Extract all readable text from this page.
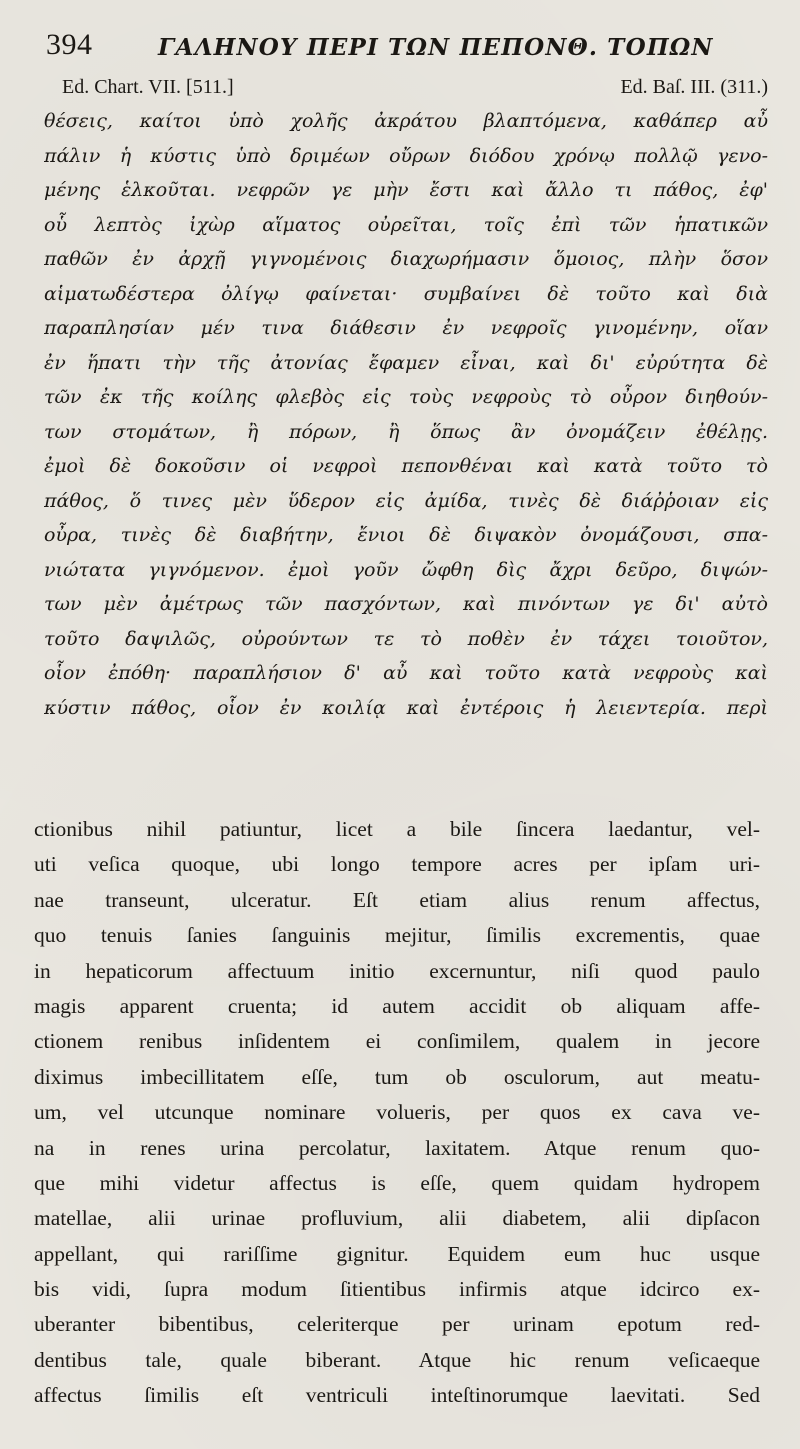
394	ΓΑΛΗΝΟΥ ΠΕΡΙ ΤΩΝ ΠΕΠΟΝΘ. ΤΟΠΩΝ
Ed. Chart. VII. [511.]	Ed. Baſ. III. (311.)
θέσεις, καίτοι ὑπὸ χολῆς ἀκράτου βλαπτόμενα, καθάπερ αὖ
πάλιν ἡ κύστις ὑπὸ δριμέων οὔρων διόδου χρόνῳ πολλῷ γενο-
μένης ἑλκοῦται. νεφρῶν γε μὴν ἔστι καὶ ἄλλο τι πάθος, ἐφ'
οὗ λεπτὸς ἰχὼρ αἵματος οὐρεῖται, τοῖς ἐπὶ τῶν ἡπατικῶν
παθῶν ἐν ἀρχῇ γιγνομένοις διαχωρήμασιν ὅμοιος, πλὴν ὅσον
αἱματωδέστερα ὀλίγῳ φαίνεται· συμβαίνει δὲ τοῦτο καὶ διὰ
παραπλησίαν μέν τινα διάθεσιν ἐν νεφροῖς γινομένην, οἵαν
ἐν ἥπατι τὴν τῆς ἀτονίας ἔφαμεν εἶναι, καὶ δι' εὐρύτητα δὲ
τῶν ἐκ τῆς κοίλης φλεβὸς εἰς τοὺς νεφροὺς τὸ οὖρον διηθούν-
των στομάτων, ἢ πόρων, ἢ ὅπως ἂν ὀνομάζειν ἐθέλῃς.
ἐμοὶ δὲ δοκοῦσιν οἱ νεφροὶ πεπονθέναι καὶ κατὰ τοῦτο τὸ
πάθος, ὅ τινες μὲν ὕδερον εἰς ἀμίδα, τινὲς δὲ διάῤῥοιαν εἰς
οὖρα, τινὲς δὲ διαβήτην, ἔνιοι δὲ διψακὸν ὀνομάζουσι, σπα-
νιώτατα γιγνόμενον. ἐμοὶ γοῦν ὤφθη δὶς ἄχρι δεῦρο, διψών-
των μὲν ἀμέτρως τῶν πασχόντων, καὶ πινόντων γε δι' αὐτὸ
τοῦτο δαψιλῶς, οὐρούντων τε τὸ ποθὲν ἐν τάχει τοιοῦτον,
οἷον ἐπόθη· παραπλήσιον δ' αὖ καὶ τοῦτο κατὰ νεφροὺς καὶ
κύστιν πάθος, οἷον ἐν κοιλίᾳ καὶ ἐντέροις ἡ λειεντερία. περὶ
ctionibus nihil patiuntur, licet a bile ſincera laedantur, vel-
uti veſica quoque, ubi longo tempore acres per ipſam uri-
nae transeunt, ulceratur. Eſt etiam alius renum affectus,
quo tenuis ſanies ſanguinis mejitur, ſimilis excrementis, quae
in hepaticorum affectuum initio excernuntur, niſi quod paulo
magis apparent cruenta; id autem accidit ob aliquam affe-
ctionem renibus inſidentem ei conſimilem, qualem in jecore
diximus imbecillitatem eſſe, tum ob osculorum, aut meatu-
um, vel utcunque nominare volueris, per quos ex cava ve-
na in renes urina percolatur, laxitatem. Atque renum quo-
que mihi videtur affectus is eſſe, quem quidam hydropem
matellae, alii urinae profluvium, alii diabetem, alii dipſacon
appellant, qui rariſſime gignitur. Equidem eum huc usque
bis vidi, ſupra modum ſitientibus infirmis atque idcirco ex-
uberanter bibentibus, celeriterque per urinam epotum red-
dentibus tale, quale biberant. Atque hic renum veſicaeque
affectus ſimilis eſt ventriculi inteſtinorumque laevitati. Sed
